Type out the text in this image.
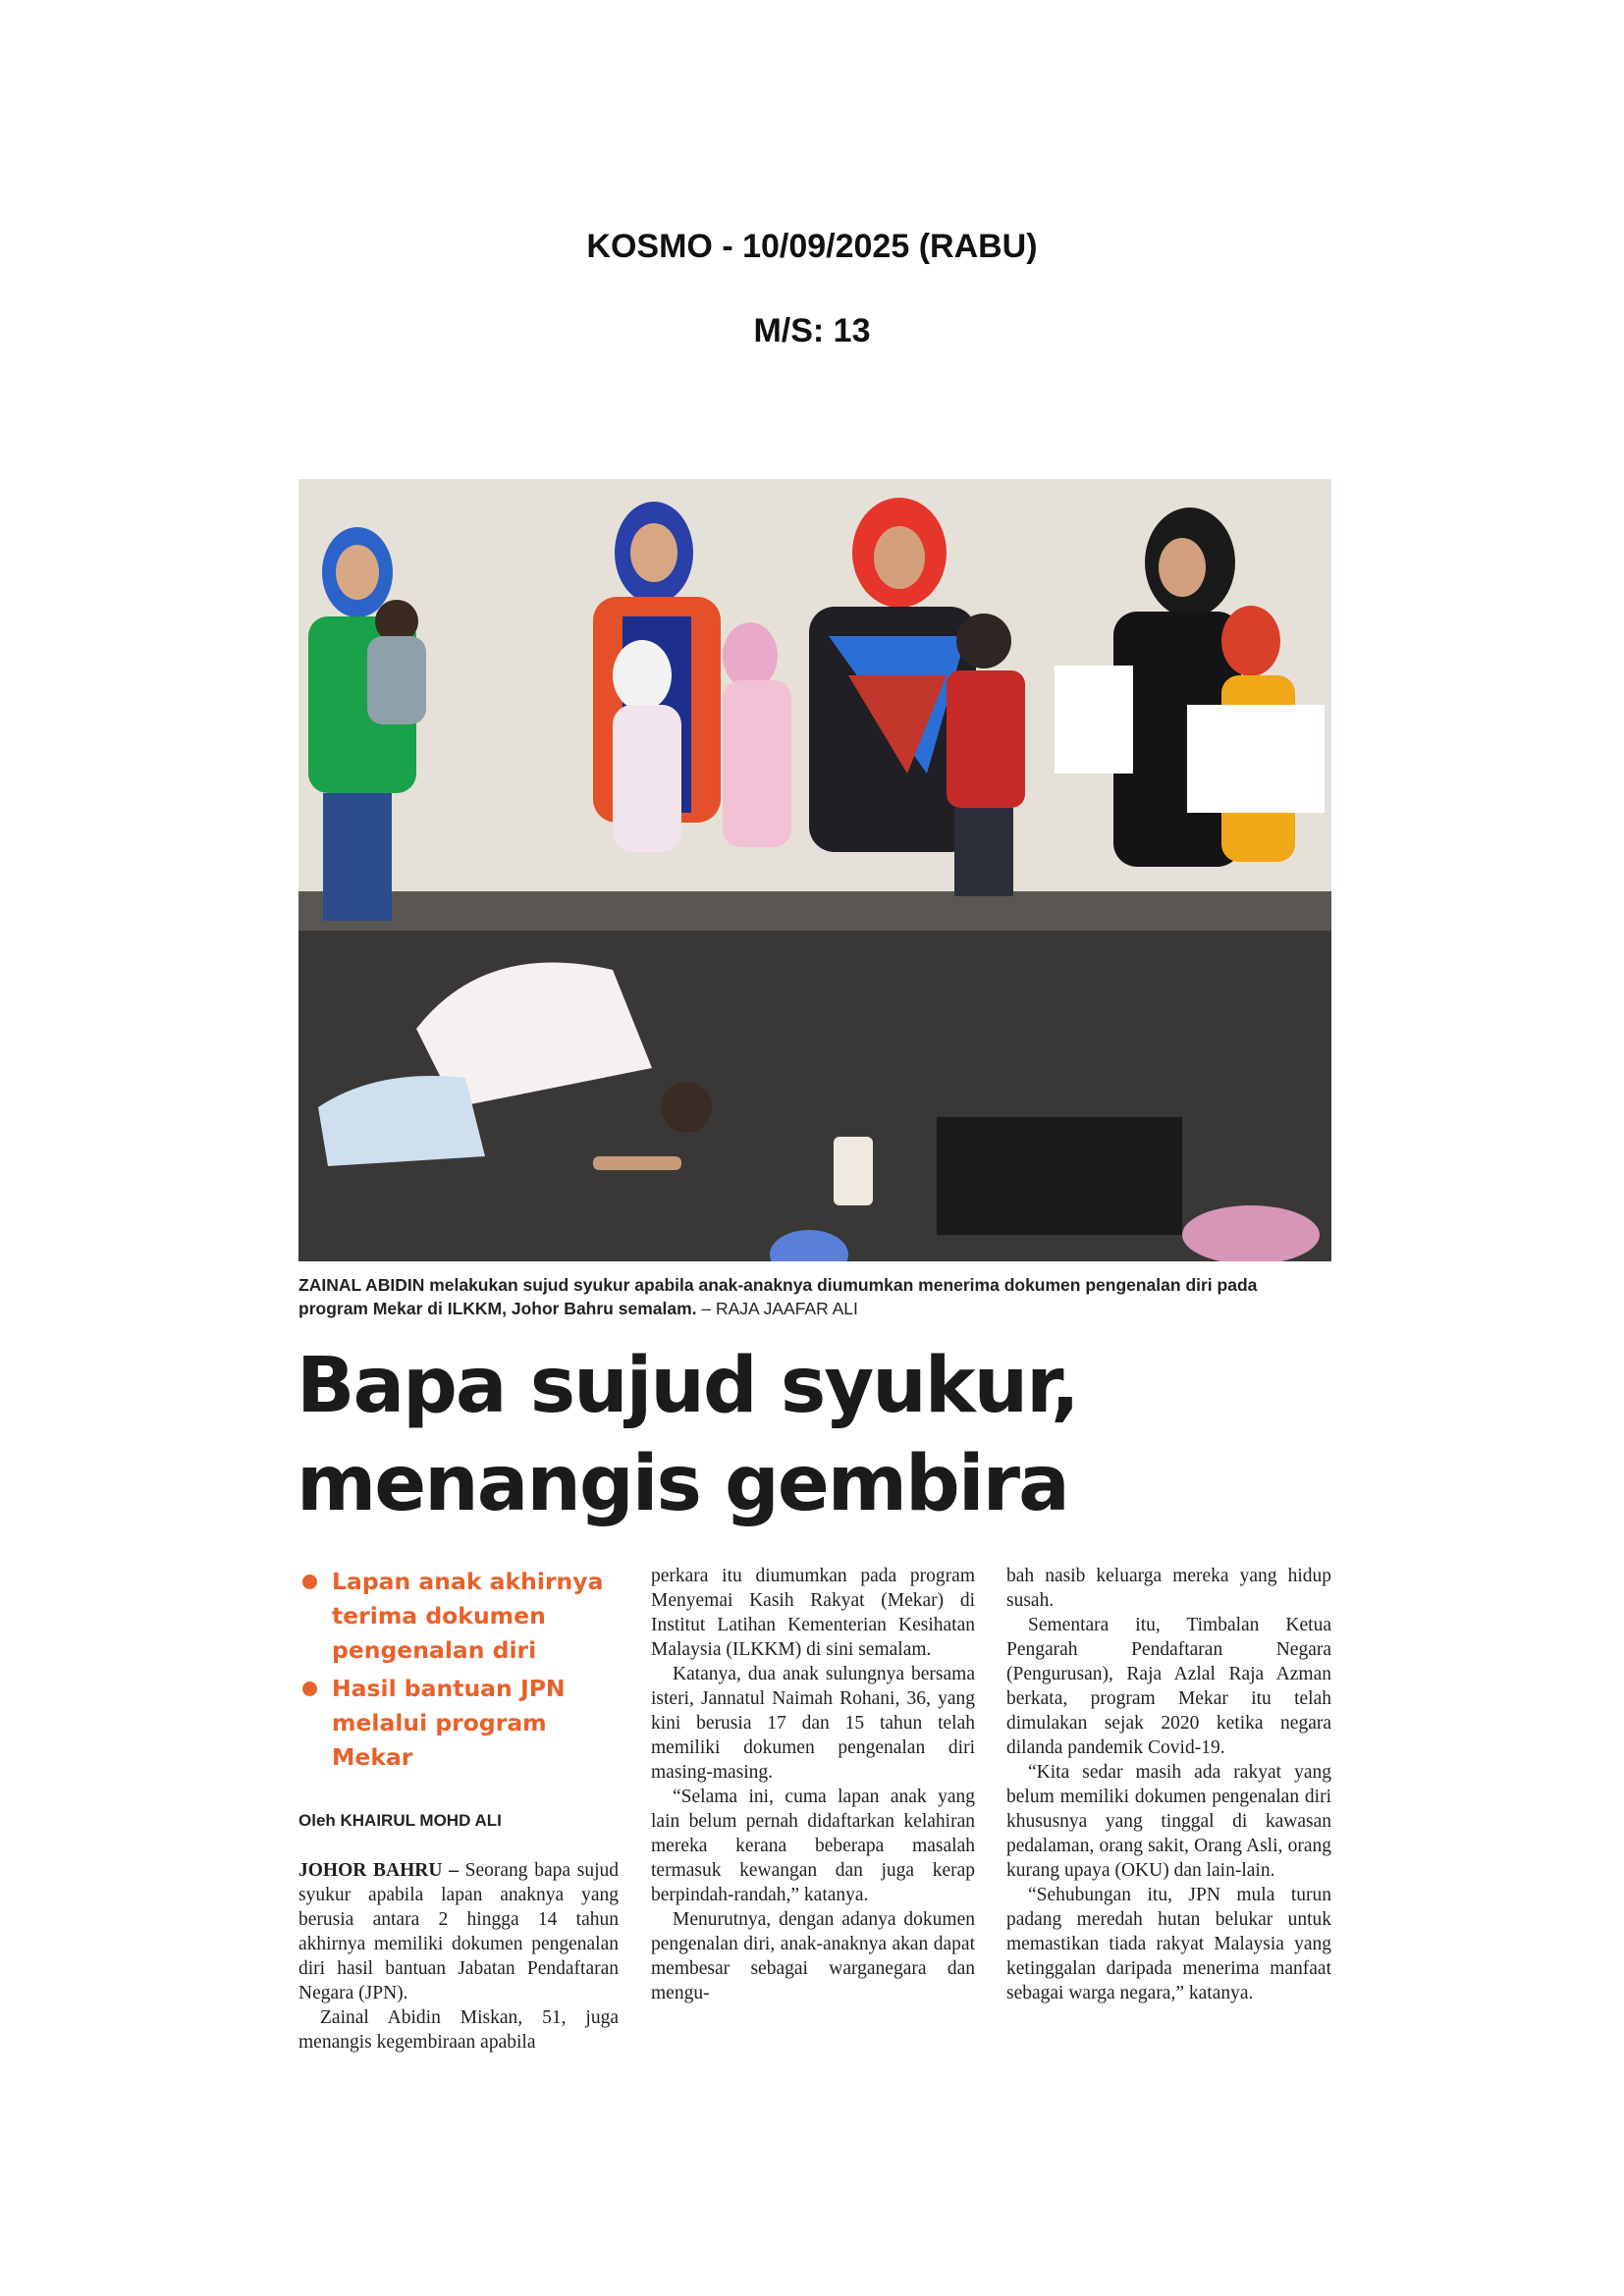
KOSMO - 10/09/2025 (RABU)
M/S: 13
ZAINAL ABIDIN melakukan sujud syukur apabila anak-anaknya diumumkan menerima dokumen pengenalan diri pada program Mekar di ILKKM, Johor Bahru semalam. – RAJA JAAFAR ALI
Bapa sujud syukur,
menangis gembira
Lapan anak akhirnya terima dokumen pengenalan diri
Hasil bantuan JPN melalui program Mekar
Oleh KHAIRUL MOHD ALI

JOHOR BAHRU – Seorang bapa sujud syukur apabila lapan anaknya yang berusia antara 2 hingga 14 tahun akhirnya memiliki dokumen pengenalan diri hasil bantuan Jabatan Pendaftaran Negara (JPN).

Zainal Abidin Miskan, 51, juga menangis kegembiraan apabila

perkara itu diumumkan pada program Menyemai Kasih Rakyat (Mekar) di Institut Latihan Kementerian Kesihatan Malaysia (ILKKM) di sini semalam.

Katanya, dua anak sulungnya bersama isteri, Jannatul Naimah Rohani, 36, yang kini berusia 17 dan 15 tahun telah memiliki dokumen pengenalan diri masing-masing.

“Selama ini, cuma lapan anak yang lain belum pernah didaftarkan kelahiran mereka kerana beberapa masalah termasuk kewangan dan juga kerap berpindah-randah,” katanya.

Menurutnya, dengan adanya dokumen pengenalan diri, anak-anaknya akan dapat membesar sebagai warganegara dan mengu-

bah nasib keluarga mereka yang hidup susah.

Sementara itu, Timbalan Ketua Pengarah Pendaftaran Negara (Pengurusan), Raja Azlal Raja Azman berkata, program Mekar itu telah dimulakan sejak 2020 ketika negara dilanda pandemik Covid-19.

“Kita sedar masih ada rakyat yang belum memiliki dokumen pengenalan diri khususnya yang tinggal di kawasan pedalaman, orang sakit, Orang Asli, orang kurang upaya (OKU) dan lain-lain.

“Sehubungan itu, JPN mula turun padang meredah hutan belukar untuk memastikan tiada rakyat Malaysia yang ketinggalan daripada menerima manfaat sebagai warga negara,” katanya.
